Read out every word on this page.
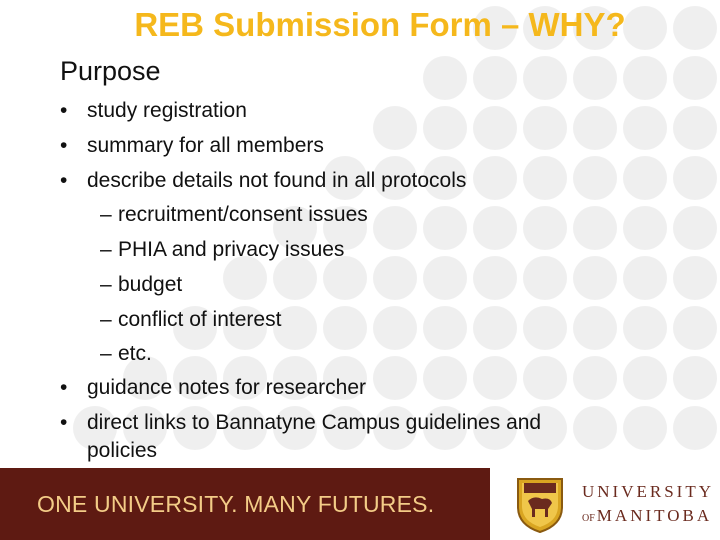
REB Submission Form – WHY?
Purpose
• study registration
• summary for all members
• describe details not found in all protocols
– recruitment/consent issues
– PHIA and privacy issues
– budget
– conflict of interest
– etc.
• guidance notes for researcher
• direct links to Bannatyne Campus guidelines and
policies
ONE UNIVERSITY. MANY FUTURES.	UNIVERSITY
OF MANITOBA
